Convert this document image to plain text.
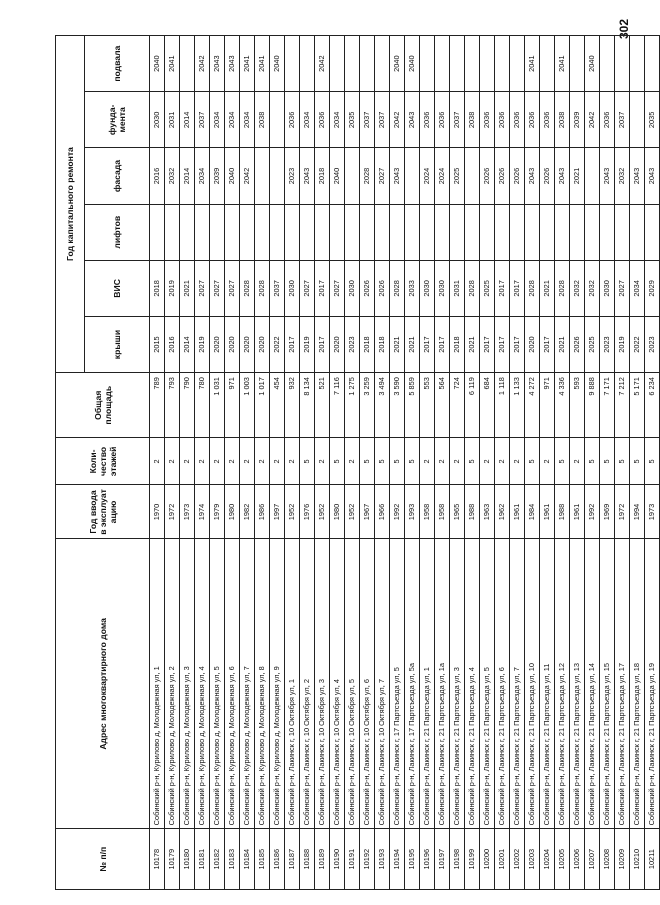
302
№ п/п	Адрес многоквартирного дома	Год ввода в эксплуат ацию	Коли- чество этажей	Общая площадь	Год капитального ремонта					
					крыши	ВИС	лифтов	фасада	фунда- мента	подвала
10178	Собинский р-н, Курилово д, Молодежная ул, 1	1970	2	789	2015	2018		2016	2030	2040
10179	Собинский р-н, Курилово д, Молодежная ул, 2	1972	2	793	2016	2019		2032	2031	2041
10180	Собинский р-н, Курилово д, Молодежная ул, 3	1973	2	790	2014	2021		2014	2014	
10181	Собинский р-н, Курилово д, Молодежная ул, 4	1974	2	780	2019	2027		2034	2037	2042
10182	Собинский р-н, Курилово д, Молодежная ул, 5	1979	2	1 031	2020	2027		2039	2034	2043
10183	Собинский р-н, Курилово д, Молодежная ул, 6	1980	2	971	2020	2027		2040	2034	2043
10184	Собинский р-н, Курилово д, Молодежная ул, 7	1982	2	1 003	2020	2028		2042	2034	2041
10185	Собинский р-н, Курилово д, Молодежная ул, 8	1986	2	1 017	2020	2028			2038	2041
10186	Собинский р-н, Курилово д, Молодежная ул, 9	1997	2	454	2022	2037				2040
10187	Собинский р-н, Лакинск г, 10 Октября ул, 1	1952	2	932	2017	2030		2023	2036	
10188	Собинский р-н, Лакинск г, 10 Октября ул, 2	1976	5	8 134	2019	2027		2043	2034	
10189	Собинский р-н, Лакинск г, 10 Октября ул, 3	1952	2	521	2017	2017		2018	2036	2042
10190	Собинский р-н, Лакинск г, 10 Октября ул, 4	1980	5	7 116	2020	2027		2040	2034	
10191	Собинский р-н, Лакинск г, 10 Октября ул, 5	1952	2	1 275	2023	2030			2035	
10192	Собинский р-н, Лакинск г, 10 Октября ул, 6	1967	5	3 259	2018	2026		2028	2037	
10193	Собинский р-н, Лакинск г, 10 Октября ул, 7	1966	5	3 494	2018	2026		2027	2037	
10194	Собинский р-н, Лакинск г, 17 Партсъезда ул, 5	1992	5	3 590	2021	2028		2043	2042	2040
10195	Собинский р-н, Лакинск г, 17 Партсъезда ул, 5а	1993	5	5 859	2021	2033			2043	2040
10196	Собинский р-н, Лакинск г, 21 Партсъезда ул, 1	1958	2	553	2017	2030		2024	2036	
10197	Собинский р-н, Лакинск г, 21 Партсъезда ул, 1а	1958	2	564	2017	2030		2024	2036	
10198	Собинский р-н, Лакинск г, 21 Партсъезда ул, 3	1965	2	724	2018	2031		2025	2037	
10199	Собинский р-н, Лакинск г, 21 Партсъезда ул, 4	1988	5	6 119	2021	2028			2038	
10200	Собинский р-н, Лакинск г, 21 Партсъезда ул, 5	1963	2	684	2017	2025		2026	2036	
10201	Собинский р-н, Лакинск г, 21 Партсъезда ул, 6	1962	2	1 118	2017	2017		2026	2036	
10202	Собинский р-н, Лакинск г, 21 Партсъезда ул, 7	1961	2	1 133	2017	2017		2026	2036	
10203	Собинский р-н, Лакинск г, 21 Партсъезда ул, 10	1984	5	4 272	2020	2028		2043	2036	2041
10204	Собинский р-н, Лакинск г, 21 Партсъезда ул, 11	1961	2	971	2017	2021		2026	2036	
10205	Собинский р-н, Лакинск г, 21 Партсъезда ул, 12	1988	5	4 336	2021	2028		2043	2038	2041
10206	Собинский р-н, Лакинск г, 21 Партсъезда ул, 13	1961	2	593	2026	2032		2021	2039	
10207	Собинский р-н, Лакинск г, 21 Партсъезда ул, 14	1992	5	9 888	2025	2032			2042	2040
10208	Собинский р-н, Лакинск г, 21 Партсъезда ул, 15	1969	5	7 171	2023	2030		2043	2036	
10209	Собинский р-н, Лакинск г, 21 Партсъезда ул, 17	1972	5	7 212	2019	2027		2032	2037	
10210	Собинский р-н, Лакинск г, 21 Партсъезда ул, 18	1994	5	5 171	2022	2034		2043		
10211	Собинский р-н, Лакинск г, 21 Партсъезда ул, 19	1973	5	6 234	2023	2029		2043	2035	
